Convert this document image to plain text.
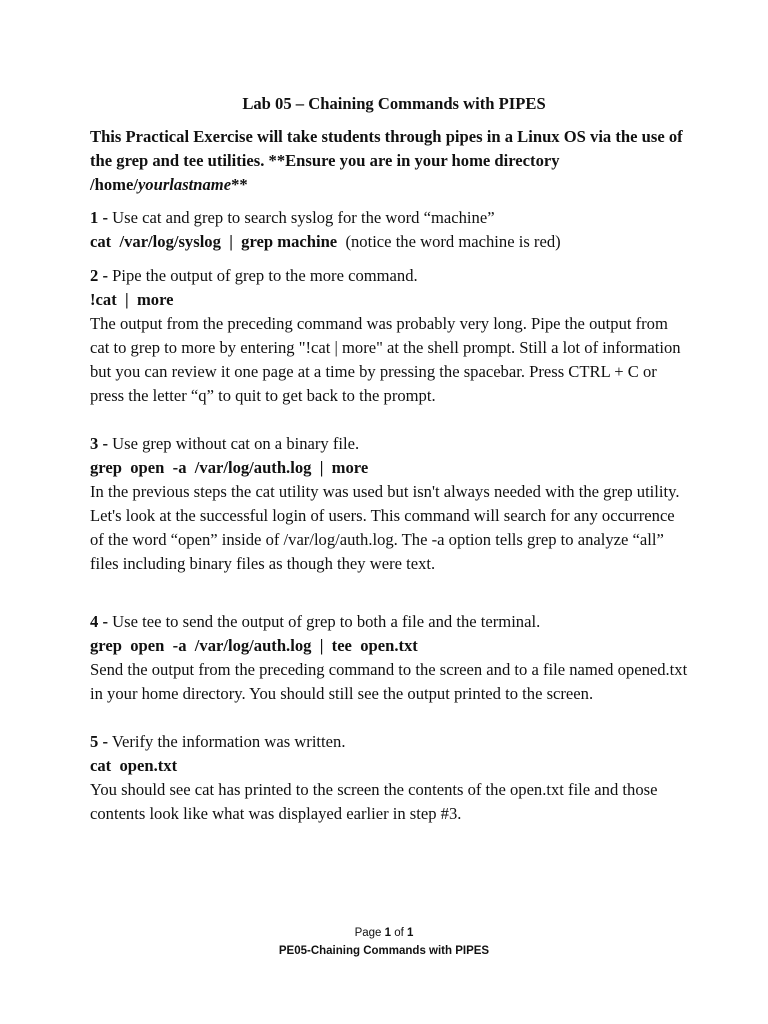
Lab 05 – Chaining Commands with PIPES

This Practical Exercise will take students through pipes in a Linux OS via the use of the grep and tee utilities. **Ensure you are in your home directory /home/yourlastname**

1 - Use cat and grep to search syslog for the word “machine”

cat  /var/log/syslog  |  grep machine  (notice the word machine is red)

2 - Pipe the output of grep to the more command.

!cat  |  more

The output from the preceding command was probably very long. Pipe the output from cat to grep to more by entering "!cat | more" at the shell prompt. Still a lot of information but you can review it one page at a time by pressing the spacebar. Press CTRL + C or press the letter “q” to quit to get back to the prompt.

3 - Use grep without cat on a binary file.

grep  open  -a  /var/log/auth.log  |  more

In the previous steps the cat utility was used but isn't always needed with the grep utility. Let's look at the successful login of users. This command will search for any occurrence of the word “open” inside of /var/log/auth.log. The -a option tells grep to analyze “all” files including binary files as though they were text.

4 - Use tee to send the output of grep to both a file and the terminal.

grep  open  -a  /var/log/auth.log  |  tee  open.txt

Send the output from the preceding command to the screen and to a file named opened.txt in your home directory. You should still see the output printed to the screen.

5 - Verify the information was written.

cat  open.txt

You should see cat has printed to the screen the contents of the open.txt file and those contents look like what was displayed earlier in step #3.

Page 1 of 1
PE05-Chaining Commands with PIPES
